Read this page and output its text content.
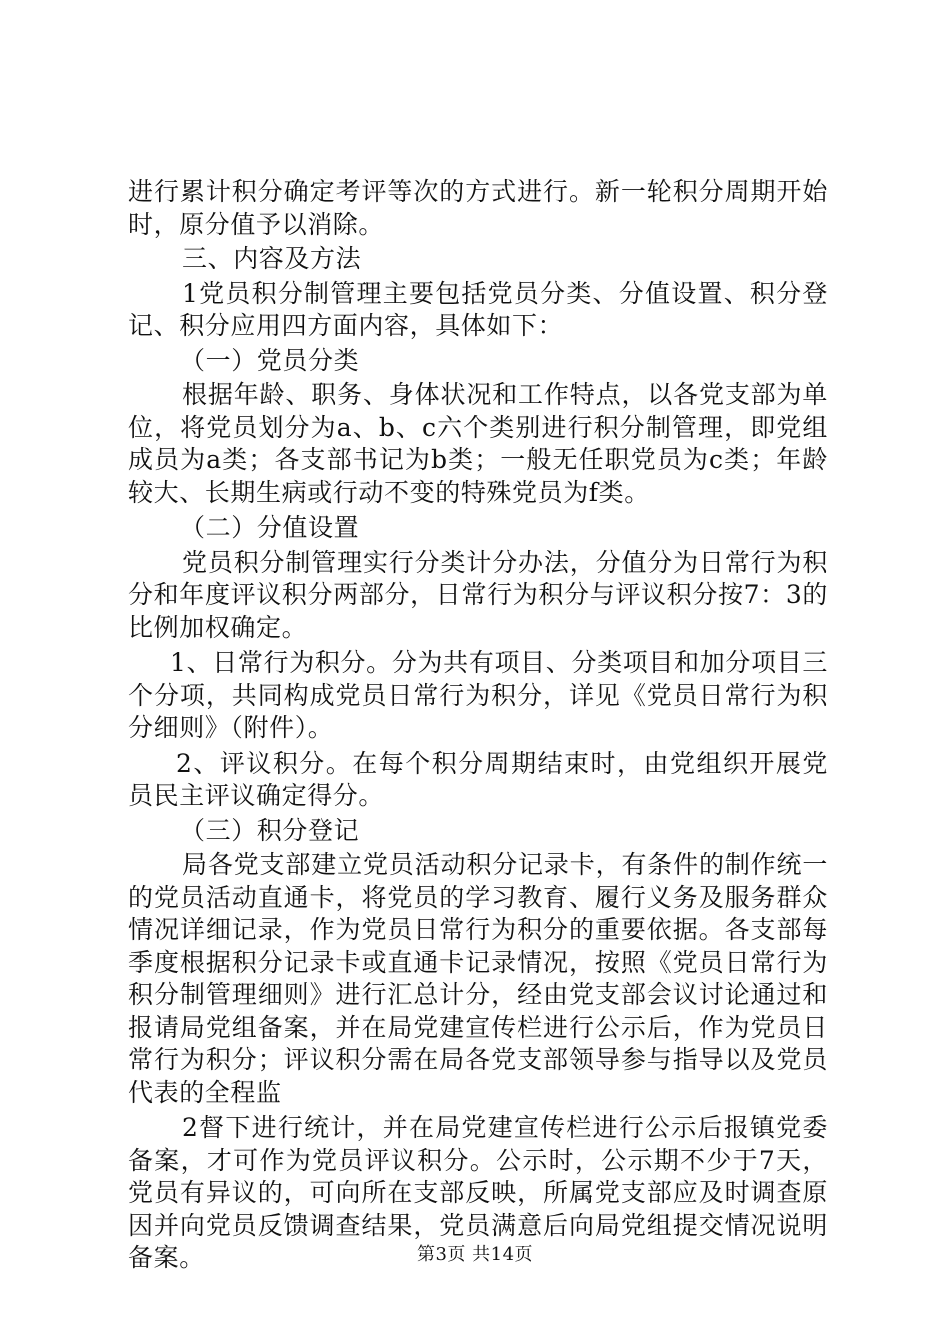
进行累计积分确定考评等次的方式进行。新一轮积分周期开始时，原分值予以消除。

三、内容及方法

1党员积分制管理主要包括党员分类、分值设置、积分登记、积分应用四方面内容，具体如下：

（一）党员分类

根据年龄、职务、身体状况和工作特点，以各党支部为单位，将党员划分为a、b、c六个类别进行积分制管理，即党组成员为a类；各支部书记为b类；一般无任职党员为c类；年龄较大、长期生病或行动不变的特殊党员为f类。

（二）分值设置

党员积分制管理实行分类计分办法，分值分为日常行为积分和年度评议积分两部分，日常行为积分与评议积分按7：3的比例加权确定。

1、日常行为积分。分为共有项目、分类项目和加分项目三个分项，共同构成党员日常行为积分，详见《党员日常行为积分细则》（附件）。

2、评议积分。在每个积分周期结束时，由党组织开展党员民主评议确定得分。

（三）积分登记

局各党支部建立党员活动积分记录卡，有条件的制作统一的党员活动直通卡，将党员的学习教育、履行义务及服务群众情况详细记录，作为党员日常行为积分的重要依据。各支部每季度根据积分记录卡或直通卡记录情况，按照《党员日常行为积分制管理细则》进行汇总计分，经由党支部会议讨论通过和报请局党组备案，并在局党建宣传栏进行公示后，作为党员日常行为积分；评议积分需在局各党支部领导参与指导以及党员代表的全程监

2督下进行统计，并在局党建宣传栏进行公示后报镇党委备案，才可作为党员评议积分。公示时，公示期不少于7天，党员有异议的，可向所在支部反映，所属党支部应及时调查原因并向党员反馈调查结果，党员满意后向局党组提交情况说明备案。	第3页 共14页
